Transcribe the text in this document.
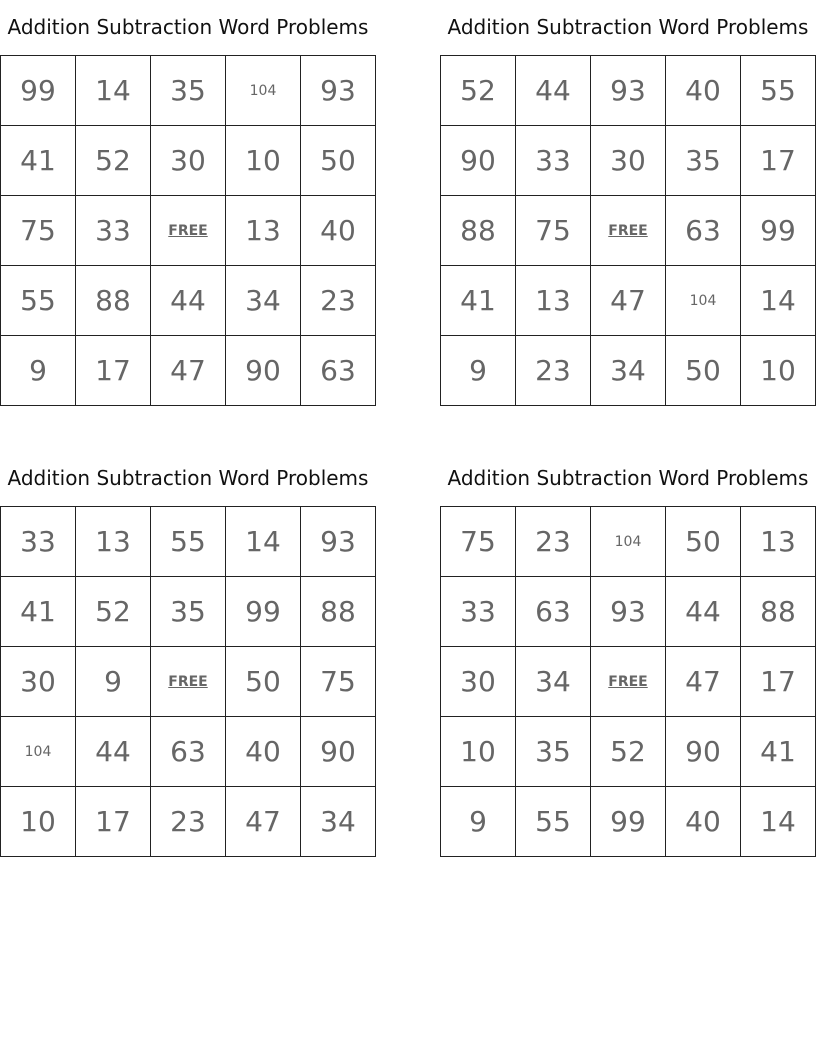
Addition Subtraction Word Problems
99	14	35	104	93
41	52	30	10	50
75	33	FREE	13	40
55	88	44	34	23
9	17	47	90	63
Addition Subtraction Word Problems
52	44	93	40	55
90	33	30	35	17
88	75	FREE	63	99
41	13	47	104	14
9	23	34	50	10
Addition Subtraction Word Problems
33	13	55	14	93
41	52	35	99	88
30	9	FREE	50	75
104	44	63	40	90
10	17	23	47	34
Addition Subtraction Word Problems
75	23	104	50	13
33	63	93	44	88
30	34	FREE	47	17
10	35	52	90	41
9	55	99	40	14
